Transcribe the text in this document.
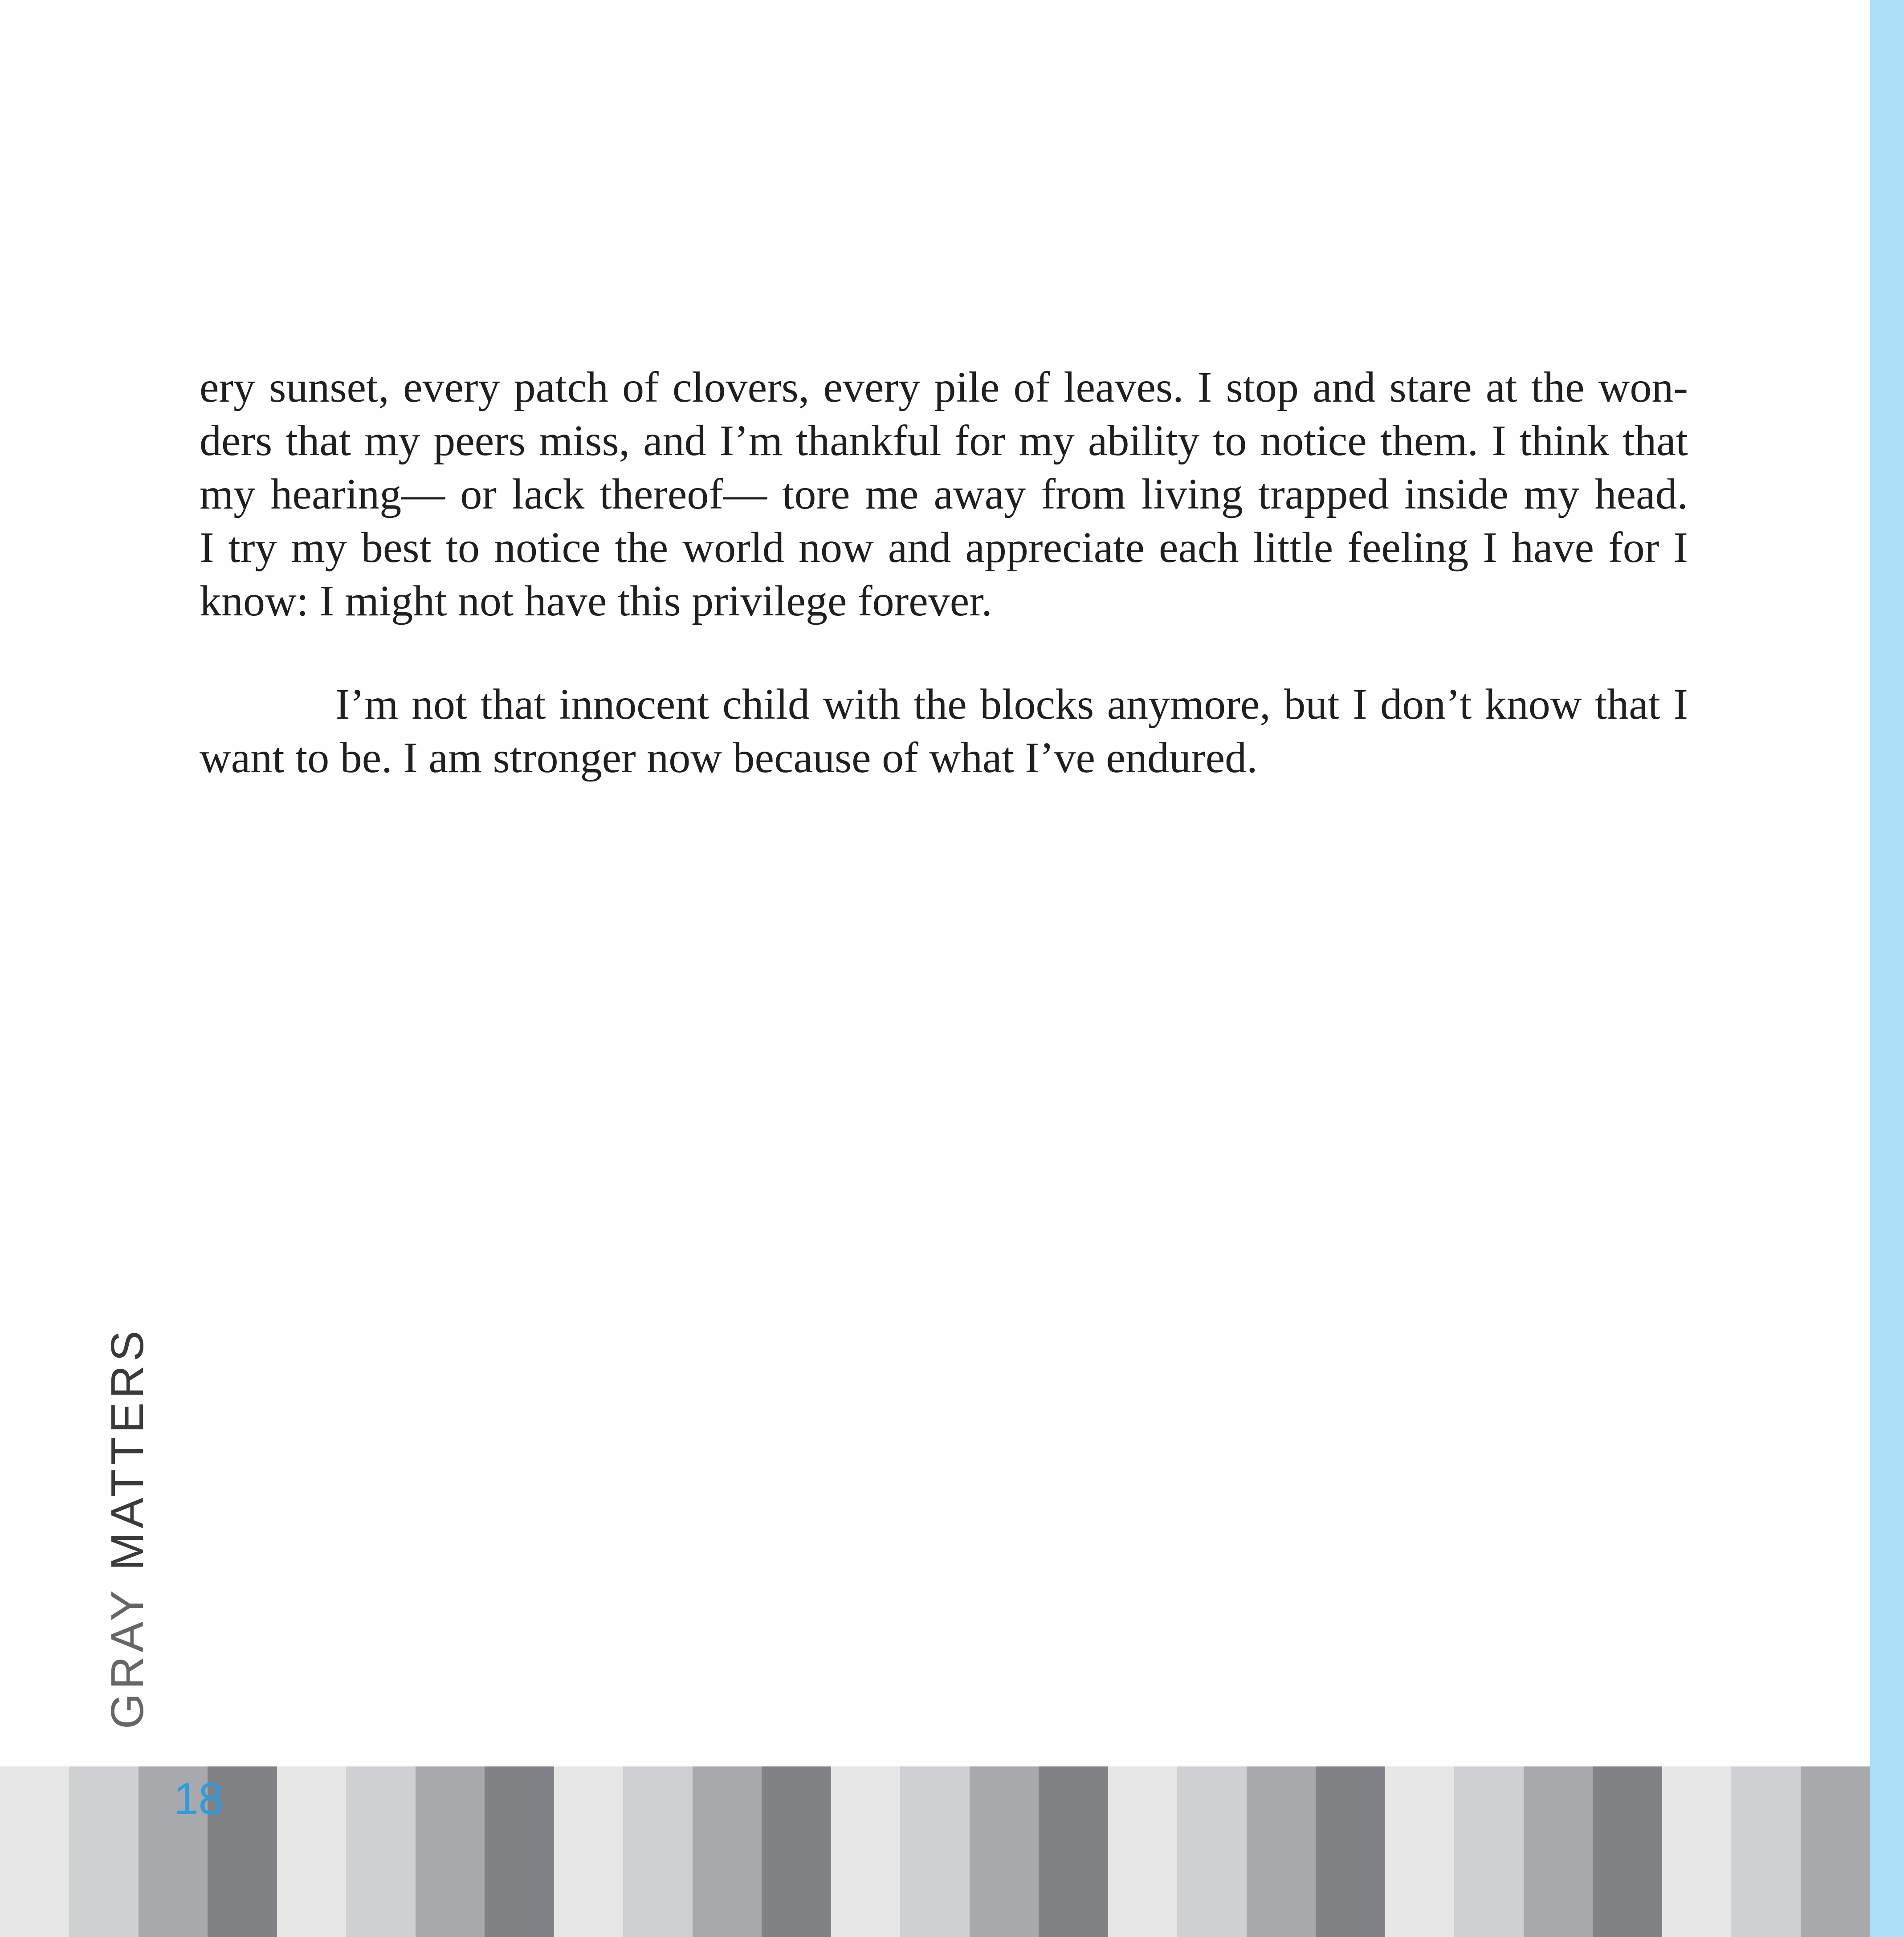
ery sunset, every patch of clovers, every pile of leaves. I stop and stare at the won-
ders that my peers miss, and I’m thankful for my ability to notice them. I think that
my hearing— or lack thereof— tore me away from living trapped inside my head.
I try my best to notice the world now and appreciate each little feeling I have for I
know: I might not have this privilege forever.
I’m not that innocent child with the blocks anymore, but I don’t know that I
want to be. I am stronger now because of what I’ve endured.
GRAY MATTERS
18
